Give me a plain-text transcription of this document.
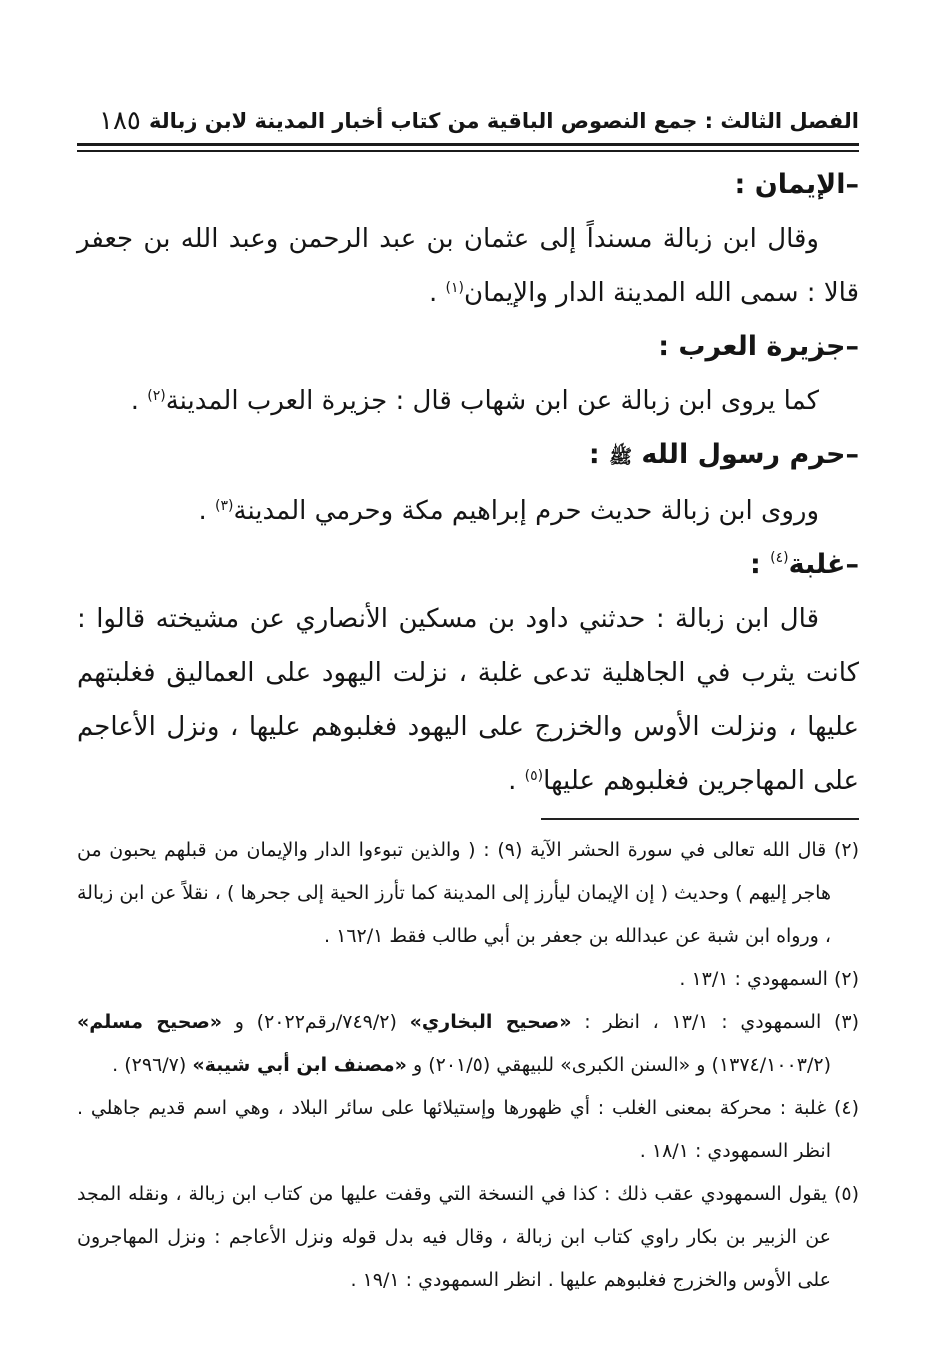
الفصل الثالث : جمع النصوص الباقية من كتاب أخبار المدينة لابن زبالة
١٨٥
–الإيمان :

وقال ابن زبالة مسنداً إلى عثمان بن عبد الرحمن وعبد الله بن جعفر قالا : سمى الله المدينة الدار والإيمان$^{(١)}$ .

–جزيرة العرب :

كما يروى ابن زبالة عن ابن شهاب قال : جزيرة العرب المدينة$^{(٢)}$ .

–حرم رسول الله ﷺ :

وروى ابن زبالة حديث حرم إبراهيم مكة وحرمي المدينة$^{(٣)}$ .

–غلبة$^{(٤)}$ :

قال ابن زبالة : حدثني داود بن مسكين الأنصاري عن مشيخته قالوا : كانت يثرب في الجاهلية تدعى غلبة ، نزلت اليهود على العماليق فغلبتهم عليها ، ونزلت الأوس والخزرج على اليهود فغلبوهم عليها ، ونزل الأعاجم على المهاجرين فغلبوهم عليها$^{(٥)}$ .

(٢) قال الله تعالى في سورة الحشر الآية (٩) : ( والذين تبوءوا الدار والإيمان من قبلهم يحبون من هاجر إليهم ) وحديث ( إن الإيمان ليأرز إلى المدينة كما تأرز الحية إلى جحرها ) ، نقلاً عن ابن زبالة ، ورواه ابن شبة عن عبدالله بن جعفر بن أبي طالب فقط ١٦٢/١ .

(٢) السمهودي : ١٣/١ .

(٣) السمهودي : ١٣/١ ، انظر : «صحيح البخاري» (٧٤٩/٢/رقم٢٠٢٢) و «صحيح مسلم» (١٣٧٤/١٠٠٣/٢) و «السنن الكبرى» للبيهقي (٢٠١/٥) و «مصنف ابن أبي شيبة» (٢٩٦/٧) .

(٤) غلبة : محركة بمعنى الغلب : أي ظهورها وإستيلائها على سائر البلاد ، وهي اسم قديم جاهلي . انظر السمهودي : ١٨/١ .

(٥) يقول السمهودي عقب ذلك : كذا في النسخة التي وقفت عليها من كتاب ابن زبالة ، ونقله المجد عن الزبير بن بكار راوي كتاب ابن زبالة ، وقال فيه بدل قوله ونزل الأعاجم : ونزل المهاجرون على الأوس والخزرج فغلبوهم عليها . انظر السمهودي : ١٩/١ .
